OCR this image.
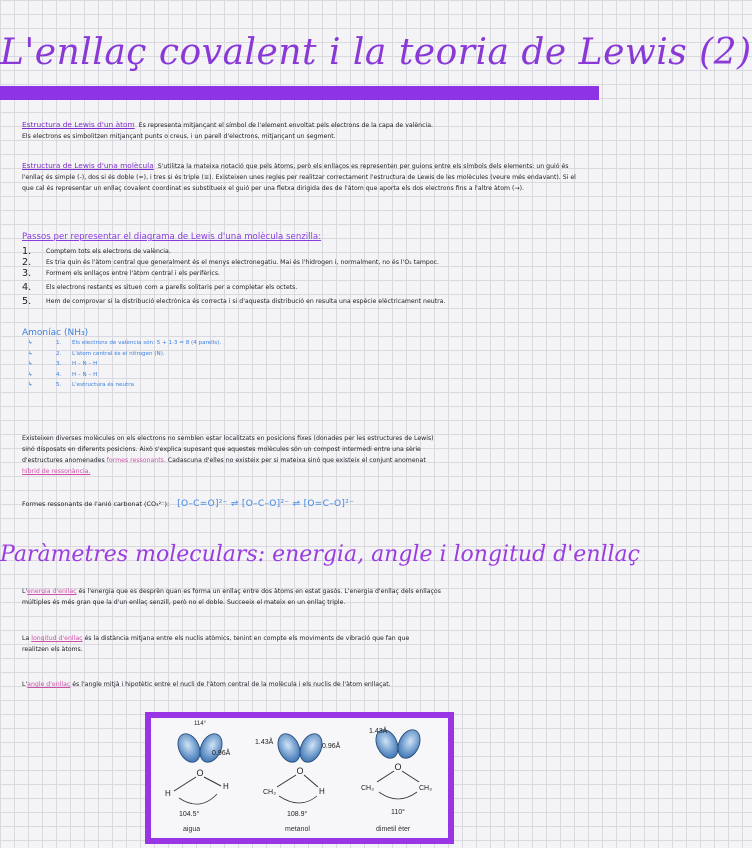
L'enllaç covalent i la teoria de Lewis (2)

Estructura de Lewis d'un àtom Es representa mitjançant el símbol de l'element envoltat pels electrons de la capa de valència.

Els electrons es simbolitzen mitjançant punts o creus, i un parell d'electrons, mitjançant un segment.

Estructura de Lewis d'una molècula S'utilitza la mateixa notació que pels àtoms, però els enllaços es representen per guions entre els símbols dels elements: un guió és l'enllaç és simple (-), dos si és doble (=), i tres si és triple (≡). Existeixen unes regles per realitzar correctament l'estructura de Lewis de les molècules (veure més endavant). Si el que cal és representar un enllaç covalent coordinat es substitueix el guió per una fletxa dirigida des de l'àtom que aporta els dos electrons fins a l'altre àtom (→).

Passos per representar el diagrama de Lewis d'una molècula senzilla:
1.	Comptem tots els electrons de valència.
2.	Es tria quin és l'àtom central que generalment és el menys electronegatiu. Mai és l'hidrogen i, normalment, no és l'O₂ tampoc.
3.	Formem els enllaços entre l'àtom central i els perifèrics.
4.	Els electrons restants es situen com a parells solitaris per a completar els octets.
5.	Hem de comprovar si la distribució electrònica és correcta i si d'aquesta distribució en resulta una espècie elèctricament neutra.
Amoníac (NH₃)
↳	1.	Els electrons de valència són: 5 + 1·3 = 8 (4 parells).
↳	2.	L'àtom central és el nitrogen (N).
↳	3.	H – N – H
↳	4.	H – N – H
↳	5.	L'estructura és neutra

Existeixen diverses molècules on els electrons no semblen estar localitzats en posicions fixes (donades per les estructures de Lewis)

sinó disposats en diferents posicions. Això s'explica suposant que aquestes molècules són un compost intermedi entre una sèrie

d'estructures anomenades formes ressonants. Cadascuna d'elles no existeix per si mateixa sinó que existeix el conjunt anomenat

híbrid de ressonància.

Formes ressonants de l'anió carbonat (CO₃²⁻): [O–C=O]²⁻ ⇌ [O–C–O]²⁻ ⇌ [O=C–O]²⁻
Paràmetres moleculars: energia, angle i longitud d'enllaç

L'energia d'enllaç és l'energia que es desprèn quan es forma un enllaç entre dos àtoms en estat gasós. L'energia d'enllaç dels enllaços

múltiples és més gran que la d'un enllaç senzill, però no el doble. Succeeix el mateix en un enllaç triple.

La longitud d'enllaç és la distància mitjana entre els nuclis atòmics, tenint en compte els moviments de vibració que fan que

realitzen els àtoms.

L'angle d'enllaç és l'angle mitjà i hipotètic entre el nucli de l'àtom central de la molècula i els nuclis de l'àtom enllaçat.

O
H
H
0.96Å
114°
104.5°
aigua
O
CH₃	H
1.43Å
0.96Å
108.9°
metanol
O
CH₃	CH₃
1.43Å
110°
dimetil èter
